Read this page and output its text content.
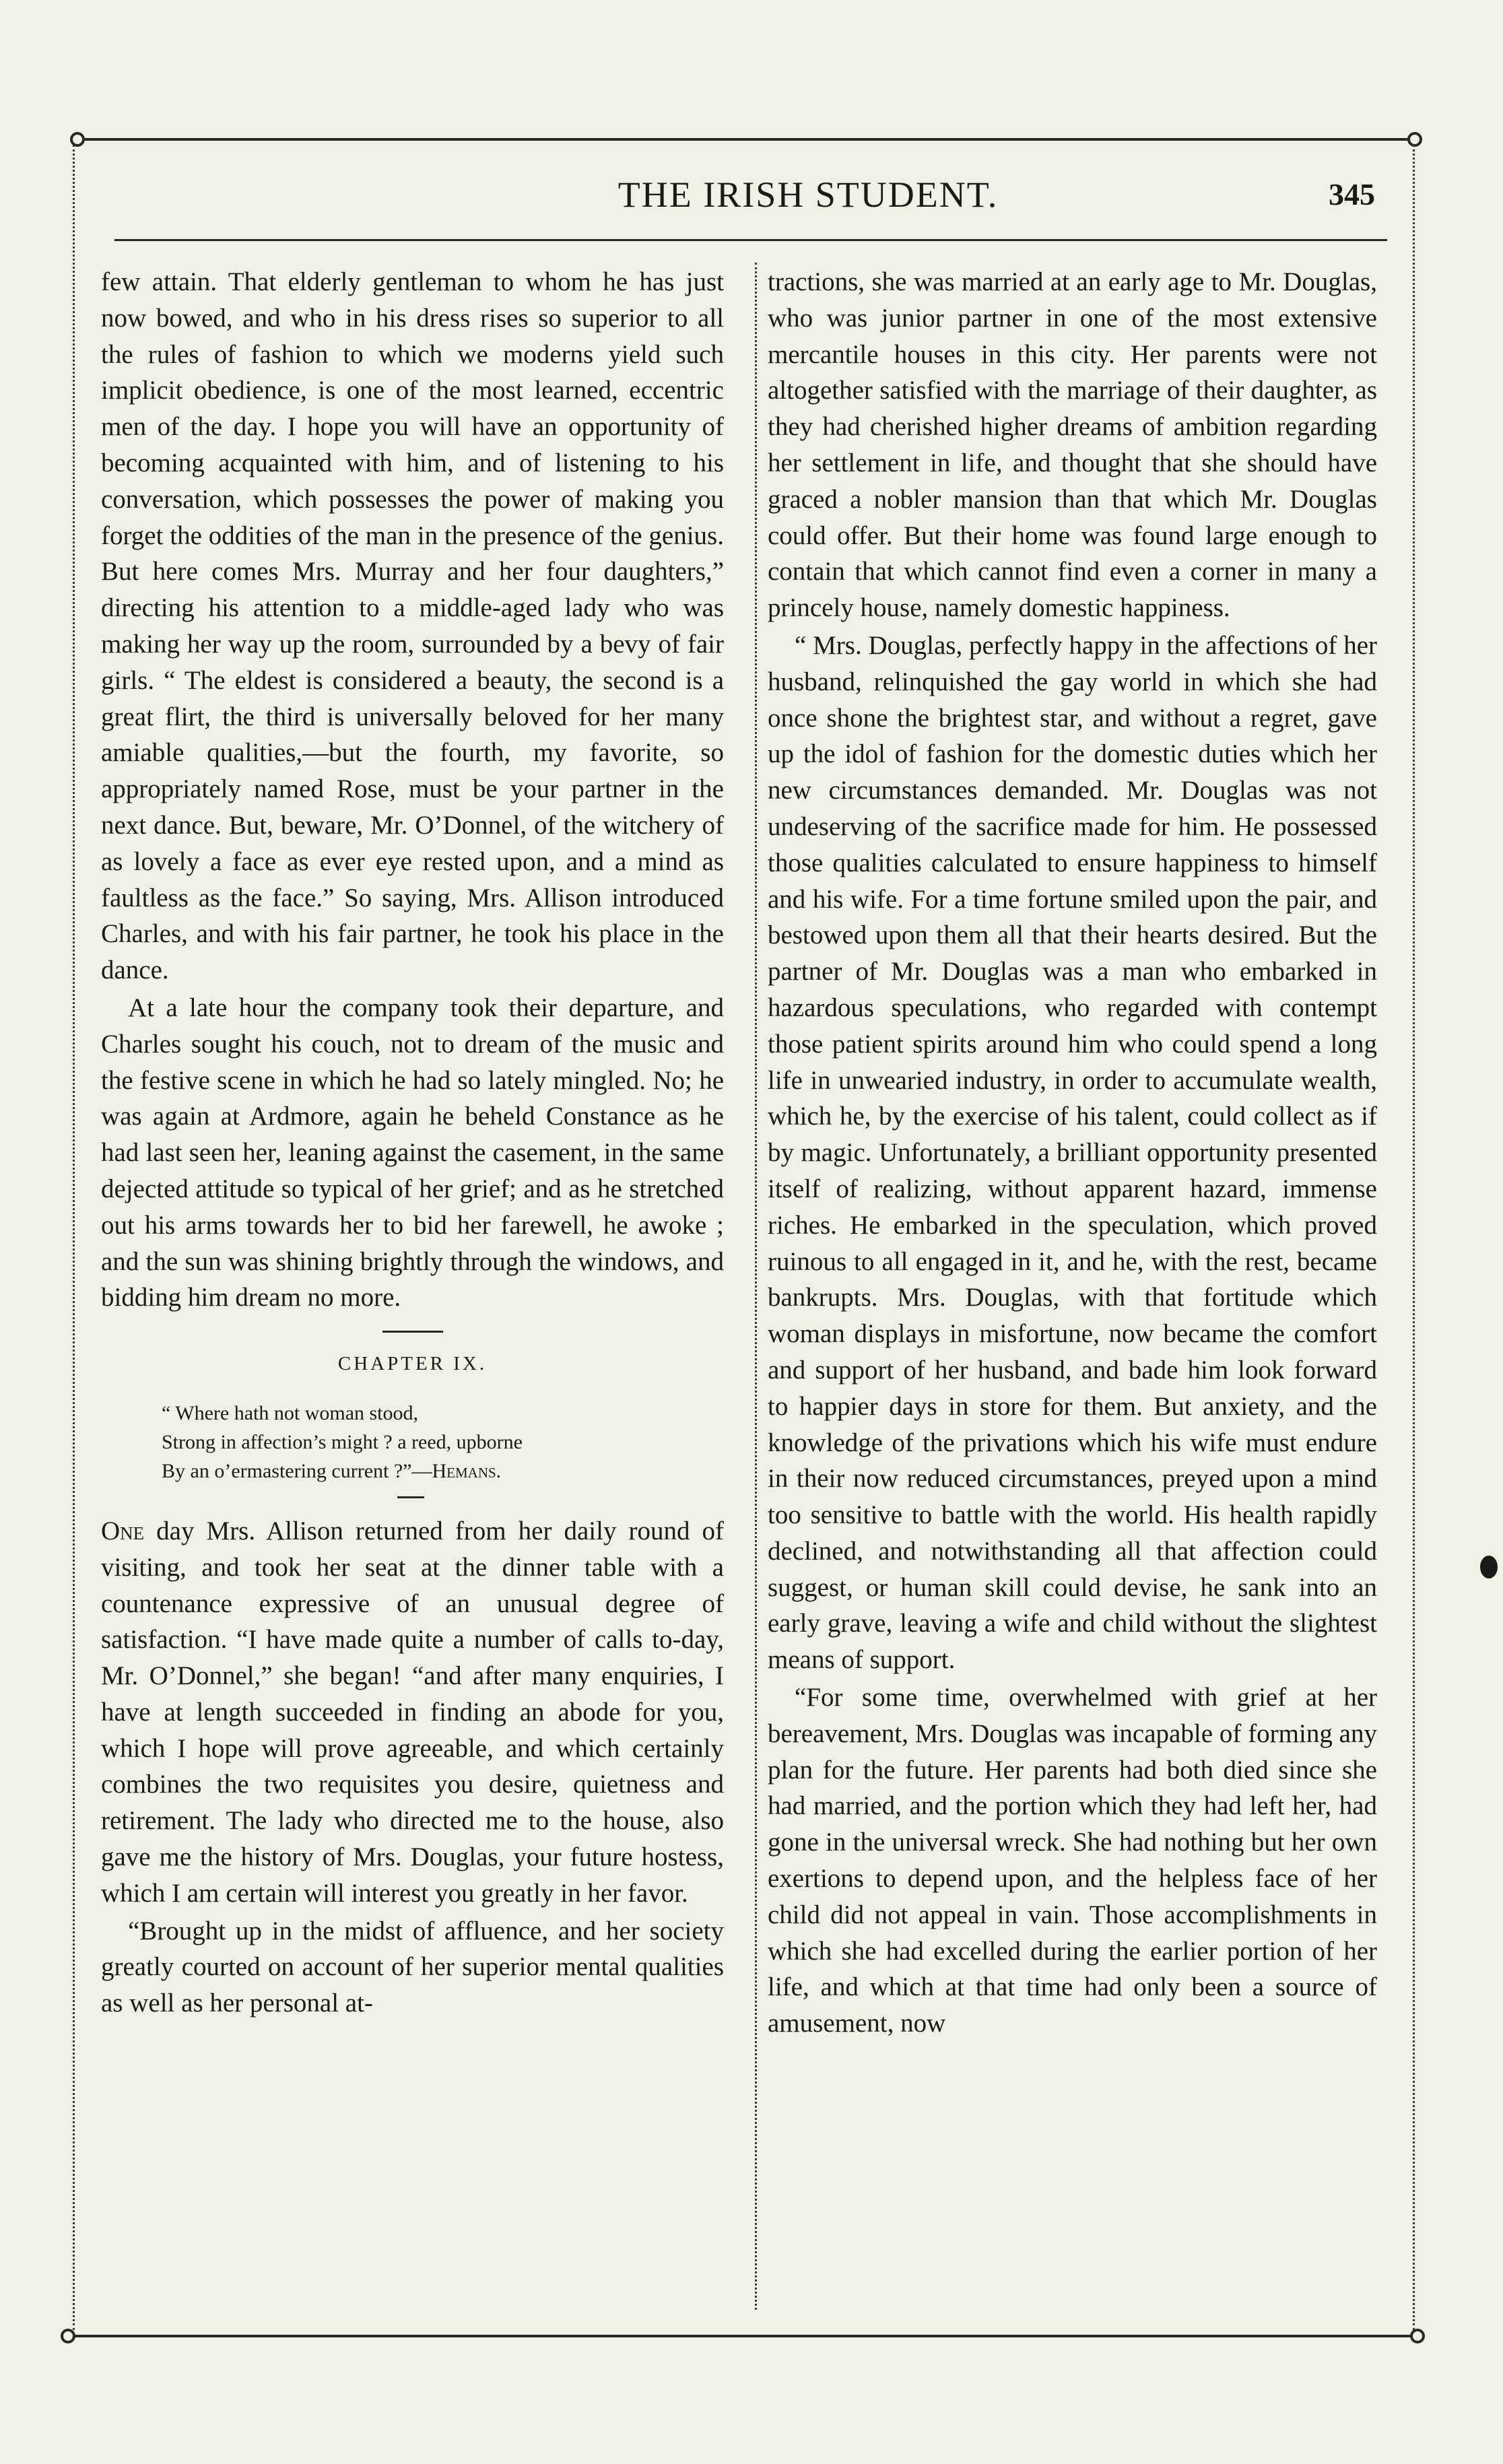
THE IRISH STUDENT.	345

few attain. That elderly gentleman to whom he has just now bowed, and who in his dress rises so superior to all the rules of fashion to which we moderns yield such implicit obedience, is one of the most learned, eccentric men of the day. I hope you will have an opportunity of becoming acquainted with him, and of listening to his conversation, which possesses the power of making you forget the oddities of the man in the presence of the genius. But here comes Mrs. Murray and her four daughters,” directing his attention to a middle-aged lady who was making her way up the room, surrounded by a bevy of fair girls. “ The eldest is considered a beauty, the second is a great flirt, the third is universally beloved for her many amiable qualities,—but the fourth, my favorite, so appropriately named Rose, must be your partner in the next dance. But, beware, Mr. O’Donnel, of the witchery of as lovely a face as ever eye rested upon, and a mind as faultless as the face.” So saying, Mrs. Allison introduced Charles, and with his fair partner, he took his place in the dance.

At a late hour the company took their departure, and Charles sought his couch, not to dream of the music and the festive scene in which he had so lately mingled. No; he was again at Ardmore, again he beheld Constance as he had last seen her, leaning against the casement, in the same dejected attitude so typical of her grief; and as he stretched out his arms towards her to bid her farewell, he awoke ; and the sun was shining brightly through the windows, and bidding him dream no more.

CHAPTER IX.
“ Where hath not woman stood,
Strong in affection’s might ? a reed, upborne
By an o’ermastering current ?”—Hemans.

One day Mrs. Allison returned from her daily round of visiting, and took her seat at the dinner table with a countenance expressive of an unusual degree of satisfaction. “I have made quite a number of calls to-day, Mr. O’Donnel,” she began! “and after many enquiries, I have at length succeeded in finding an abode for you, which I hope will prove agreeable, and which certainly combines the two requisites you desire, quietness and retirement. The lady who directed me to the house, also gave me the history of Mrs. Douglas, your future hostess, which I am certain will interest you greatly in her favor.

“Brought up in the midst of affluence, and her society greatly courted on account of her superior mental qualities as well as her personal at-

tractions, she was married at an early age to Mr. Douglas, who was junior partner in one of the most extensive mercantile houses in this city. Her parents were not altogether satisfied with the marriage of their daughter, as they had cherished higher dreams of ambition regarding her settlement in life, and thought that she should have graced a nobler mansion than that which Mr. Douglas could offer. But their home was found large enough to contain that which cannot find even a corner in many a princely house, namely domestic happiness.

“ Mrs. Douglas, perfectly happy in the affections of her husband, relinquished the gay world in which she had once shone the brightest star, and without a regret, gave up the idol of fashion for the domestic duties which her new circumstances demanded. Mr. Douglas was not undeserving of the sacrifice made for him. He possessed those qualities calculated to ensure happiness to himself and his wife. For a time fortune smiled upon the pair, and bestowed upon them all that their hearts desired. But the partner of Mr. Douglas was a man who embarked in hazardous speculations, who regarded with contempt those patient spirits around him who could spend a long life in unwearied industry, in order to accumulate wealth, which he, by the exercise of his talent, could collect as if by magic. Unfortunately, a brilliant opportunity presented itself of realizing, without apparent hazard, immense riches. He embarked in the speculation, which proved ruinous to all engaged in it, and he, with the rest, became bankrupts. Mrs. Douglas, with that fortitude which woman displays in misfortune, now became the comfort and support of her husband, and bade him look forward to happier days in store for them. But anxiety, and the knowledge of the privations which his wife must endure in their now reduced circumstances, preyed upon a mind too sensitive to battle with the world. His health rapidly declined, and notwithstanding all that affection could suggest, or human skill could devise, he sank into an early grave, leaving a wife and child without the slightest means of support.

“For some time, overwhelmed with grief at her bereavement, Mrs. Douglas was incapable of forming any plan for the future. Her parents had both died since she had married, and the portion which they had left her, had gone in the universal wreck. She had nothing but her own exertions to depend upon, and the helpless face of her child did not appeal in vain. Those accomplishments in which she had excelled during the earlier portion of her life, and which at that time had only been a source of amusement, now
